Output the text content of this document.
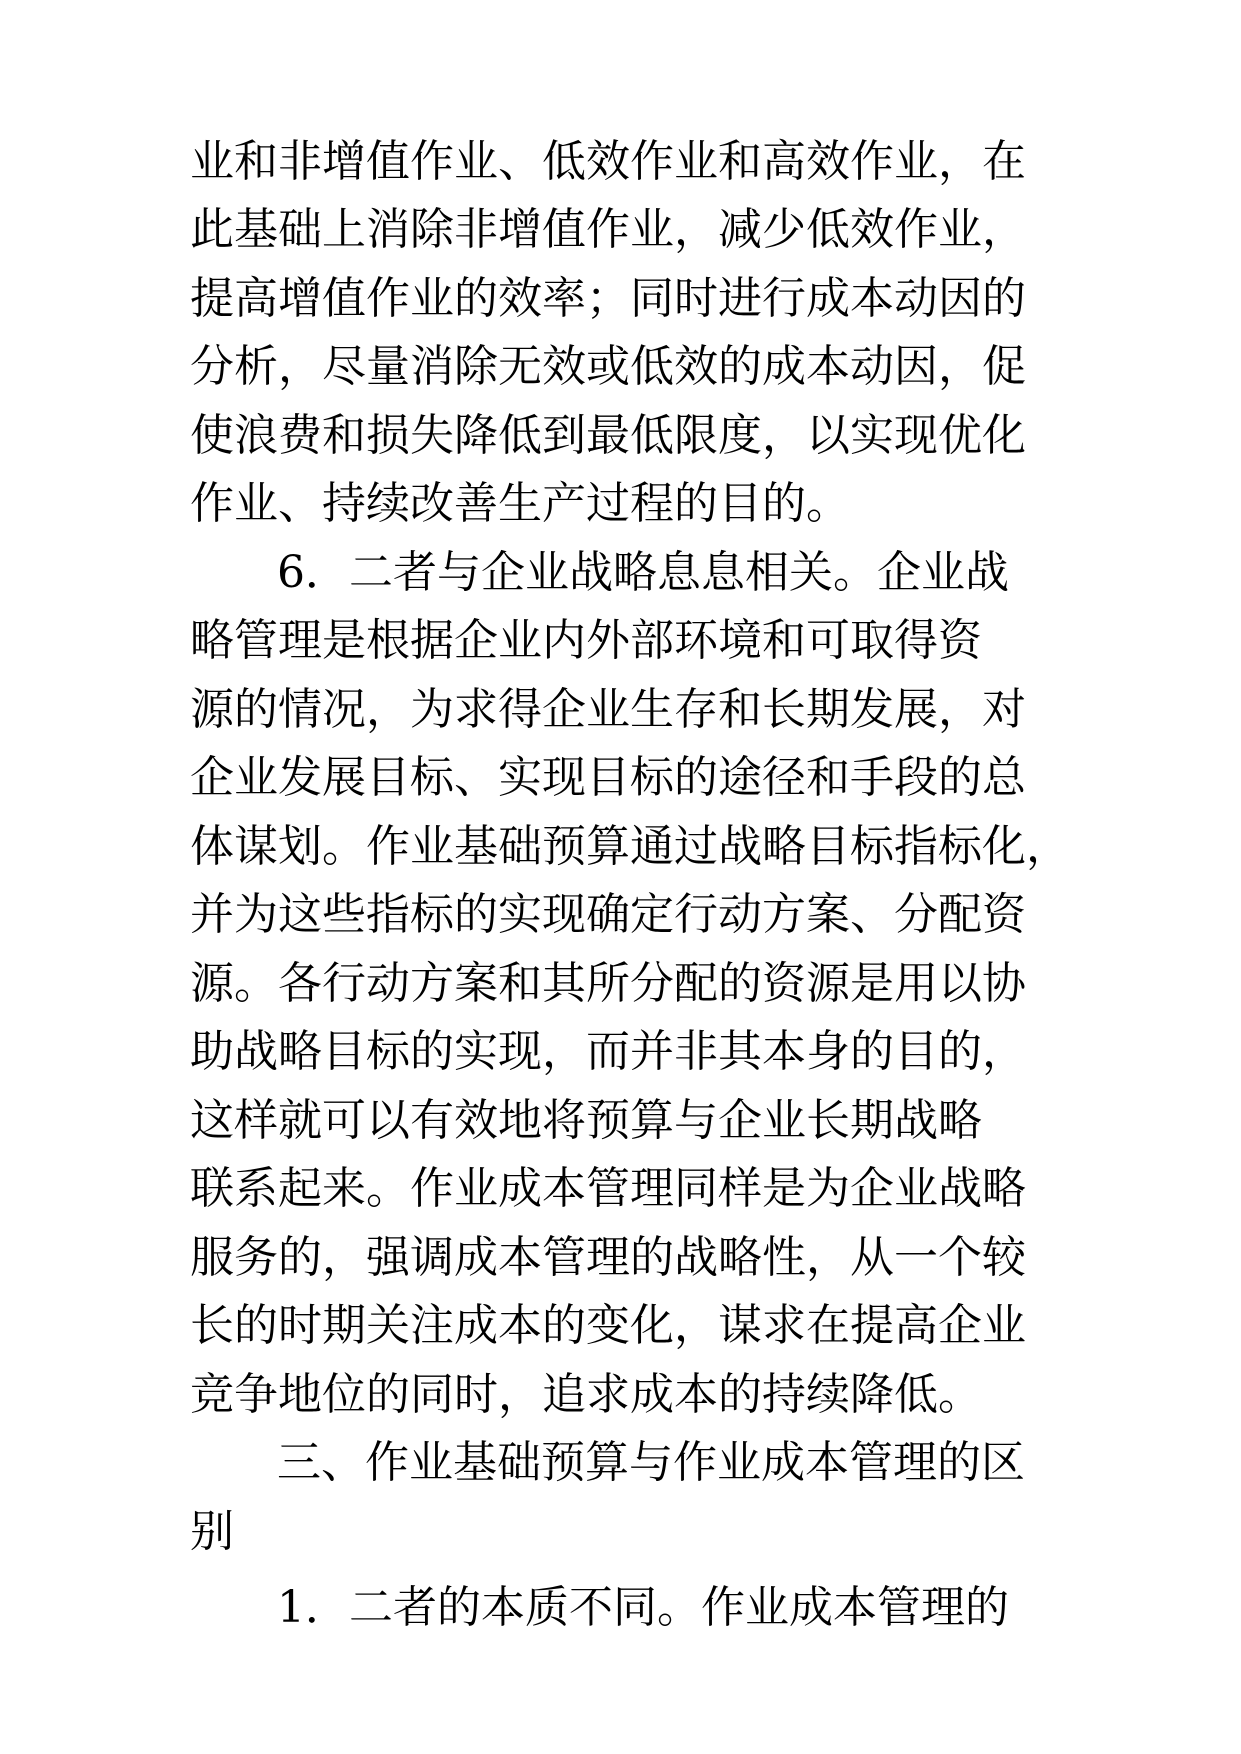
业和非增值作业、低效作业和高效作业，在

此基础上消除非增值作业，减少低效作业，

提高增值作业的效率；同时进行成本动因的

分析，尽量消除无效或低效的成本动因，促

使浪费和损失降低到最低限度，以实现优化

作业、持续改善生产过程的目的。

6．二者与企业战略息息相关。企业战

略管理是根据企业内外部环境和可取得资

源的情况，为求得企业生存和长期发展，对

企业发展目标、实现目标的途径和手段的总

体谋划。作业基础预算通过战略目标指标化，

并为这些指标的实现确定行动方案、分配资

源。各行动方案和其所分配的资源是用以协

助战略目标的实现，而并非其本身的目的，

这样就可以有效地将预算与企业长期战略

联系起来。作业成本管理同样是为企业战略

服务的，强调成本管理的战略性，从一个较

长的时期关注成本的变化，谋求在提高企业

竞争地位的同时，追求成本的持续降低。

三、作业基础预算与作业成本管理的区

别

1．二者的本质不同。作业成本管理的
